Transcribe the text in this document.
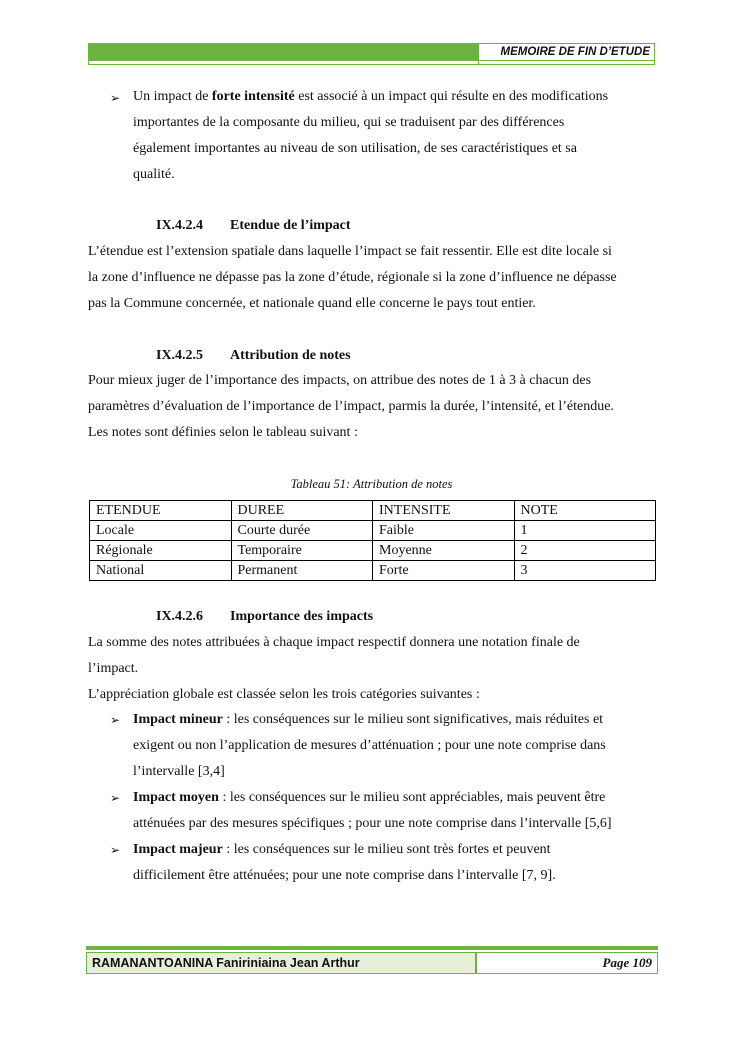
MEMOIRE DE FIN D’ETUDE
➢ Un impact de forte intensité est associé à un impact qui résulte en des modifications
importantes de la composante du milieu, qui se traduisent par des différences
également importantes au niveau de son utilisation, de ses caractéristiques et sa
qualité.
IX.4.2.4 Etendue de l’impact
L’étendue est l’extension spatiale dans laquelle l’impact se fait ressentir. Elle est dite locale si
la zone d’influence ne dépasse pas la zone d’étude, régionale si la zone d’influence ne dépasse
pas la Commune concernée, et nationale quand elle concerne le pays tout entier.
IX.4.2.5 Attribution de notes
Pour mieux juger de l’importance des impacts, on attribue des notes de 1 à 3 à chacun des
paramètres d’évaluation de l’importance de l’impact, parmis la durée, l’intensité, et l’étendue.
Les notes sont définies selon le tableau suivant :
Tableau 51: Attribution de notes
ETENDUE	DUREE	INTENSITE	NOTE
Locale	Courte durée	Faible	1
Régionale	Temporaire	Moyenne	2
National	Permanent	Forte	3
IX.4.2.6 Importance des impacts
La somme des notes attribuées à chaque impact respectif donnera une notation finale de
l’impact.
L’appréciation globale est classée selon les trois catégories suivantes :
➢ Impact mineur : les conséquences sur le milieu sont significatives, mais réduites et
exigent ou non l’application de mesures d’atténuation ; pour une note comprise dans
l’intervalle [3,4]
➢ Impact moyen : les conséquences sur le milieu sont appréciables, mais peuvent être
atténuées par des mesures spécifiques ; pour une note comprise dans l’intervalle [5,6]
➢ Impact majeur : les conséquences sur le milieu sont très fortes et peuvent
difficilement être atténuées; pour une note comprise dans l’intervalle [7, 9].
RAMANANTOANINA Faniriniaina Jean Arthur	Page 109
